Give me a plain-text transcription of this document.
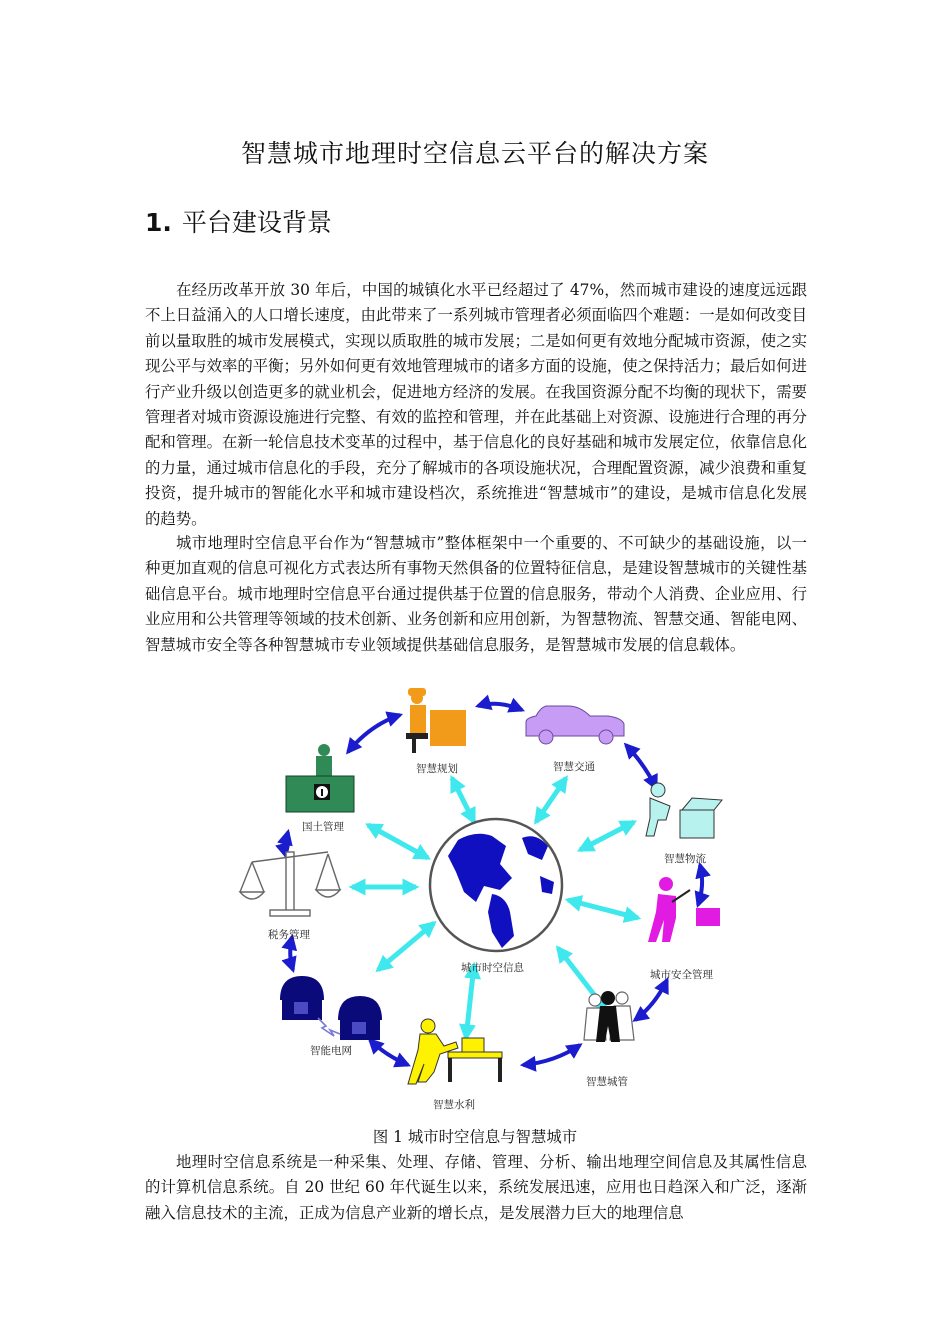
智慧城市地理时空信息云平台的解决方案
1. 平台建设背景

在经历改革开放 30 年后，中国的城镇化水平已经超过了 47%，然而城市建设的速度远远跟不上日益涌入的人口增长速度，由此带来了一系列城市管理者必须面临四个难题：一是如何改变目前以量取胜的城市发展模式，实现以质取胜的城市发展；二是如何更有效地分配城市资源，使之实现公平与效率的平衡；另外如何更有效地管理城市的诸多方面的设施，使之保持活力；最后如何进行产业升级以创造更多的就业机会，促进地方经济的发展。在我国资源分配不均衡的现状下，需要管理者对城市资源设施进行完整、有效的监控和管理，并在此基础上对资源、设施进行合理的再分配和管理。在新一轮信息技术变革的过程中，基于信息化的良好基础和城市发展定位，依靠信息化的力量，通过城市信息化的手段，充分了解城市的各项设施状况，合理配置资源，减少浪费和重复投资，提升城市的智能化水平和城市建设档次，系统推进“智慧城市”的建设，是城市信息化发展的趋势。

城市地理时空信息平台作为“智慧城市”整体框架中一个重要的、不可缺少的基础设施，以一种更加直观的信息可视化方式表达所有事物天然俱备的位置特征信息，是建设智慧城市的关键性基础信息平台。城市地理时空信息平台通过提供基于位置的信息服务，带动个人消费、企业应用、行业应用和公共管理等领域的技术创新、业务创新和应用创新，为智慧物流、智慧交通、智能电网、智慧城市安全等各种智慧城市专业领域提供基础信息服务，是智慧城市发展的信息载体。

智慧规划	智慧交通
智慧物流
城市安全管理
智慧城管
智慧水利
智能电网
税务管理
国土管理
城市时空信息
图 1 城市时空信息与智慧城市

地理时空信息系统是一种采集、处理、存储、管理、分析、输出地理空间信息及其属性信息的计算机信息系统。自 20 世纪 60 年代诞生以来，系统发展迅速，应用也日趋深入和广泛，逐渐融入信息技术的主流，正成为信息产业新的增长点，是发展潜力巨大的地理信息
